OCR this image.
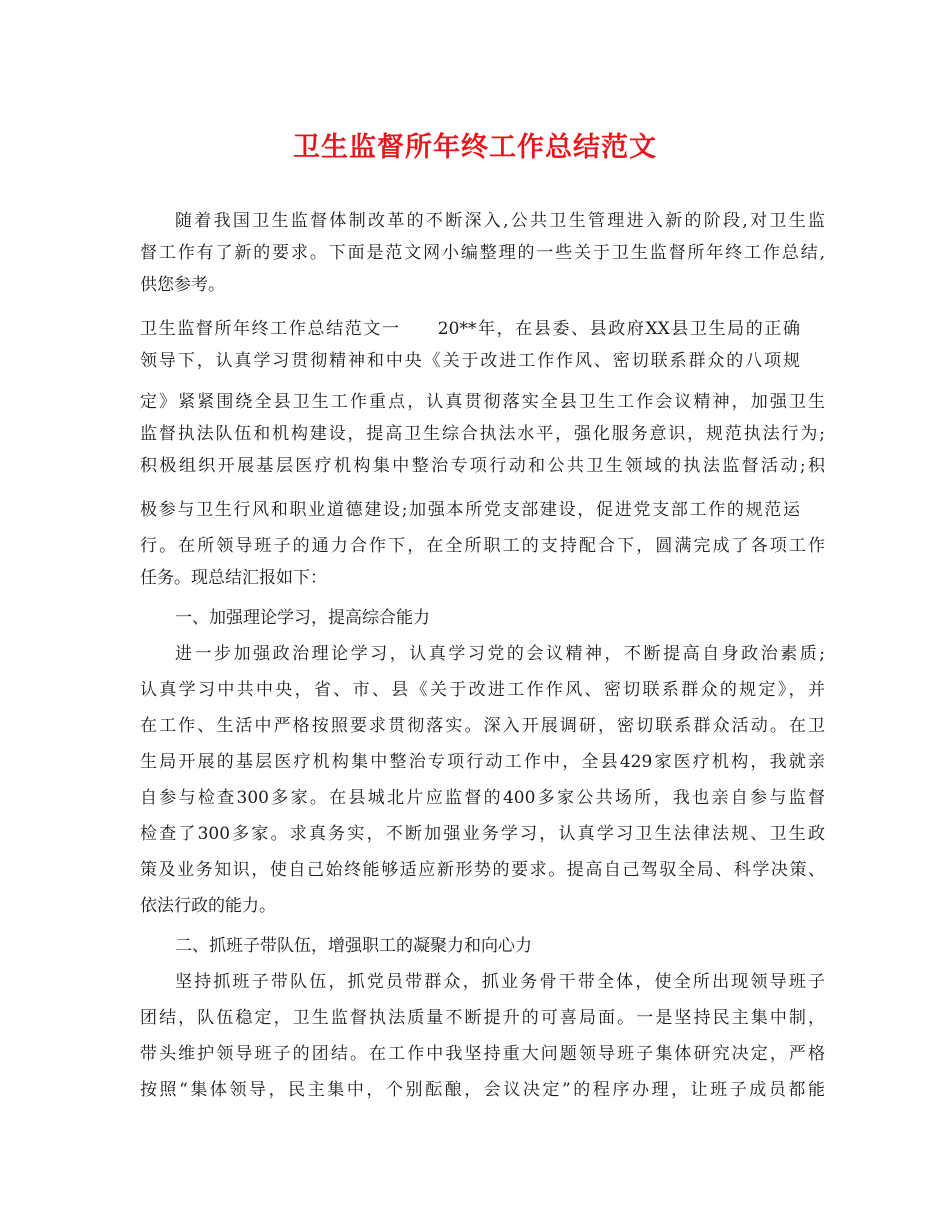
卫生监督所年终工作总结范文
随着我国卫生监督体制改革的不断深入,公共卫生管理进入新的阶段,对卫生监
督工作有了新的要求。下面是范文网小编整理的一些关于卫生监督所年终工作总结,
供您参考。
卫生监督所年终工作总结范文一　　20**年，在县委、县政府XX县卫生局的正确
领导下，认真学习贯彻精神和中央《关于改进工作作风、密切联系群众的八项规
定》紧紧围绕全县卫生工作重点，认真贯彻落实全县卫生工作会议精神，加强卫生
监督执法队伍和机构建设，提高卫生综合执法水平，强化服务意识，规范执法行为;
积极组织开展基层医疗机构集中整治专项行动和公共卫生领域的执法监督活动;积
极参与卫生行风和职业道德建设;加强本所党支部建设，促进党支部工作的规范运
行。在所领导班子的通力合作下，在全所职工的支持配合下，圆满完成了各项工作
任务。现总结汇报如下：
一、加强理论学习，提高综合能力
进一步加强政治理论学习，认真学习党的会议精神，不断提高自身政治素质;
认真学习中共中央，省、市、县《关于改进工作作风、密切联系群众的规定》，并
在工作、生活中严格按照要求贯彻落实。深入开展调研，密切联系群众活动。在卫
生局开展的基层医疗机构集中整治专项行动工作中，全县429家医疗机构，我就亲
自参与检查300多家。在县城北片应监督的400多家公共场所，我也亲自参与监督
检查了300多家。求真务实，不断加强业务学习，认真学习卫生法律法规、卫生政
策及业务知识，使自己始终能够适应新形势的要求。提高自己驾驭全局、科学决策、
依法行政的能力。
二、抓班子带队伍，增强职工的凝聚力和向心力
坚持抓班子带队伍，抓党员带群众，抓业务骨干带全体，使全所出现领导班子
团结，队伍稳定，卫生监督执法质量不断提升的可喜局面。一是坚持民主集中制，
带头维护领导班子的团结。在工作中我坚持重大问题领导班子集体研究决定，严格
按照“集体领导，民主集中，个别酝酿，会议决定”的程序办理，让班子成员都能
